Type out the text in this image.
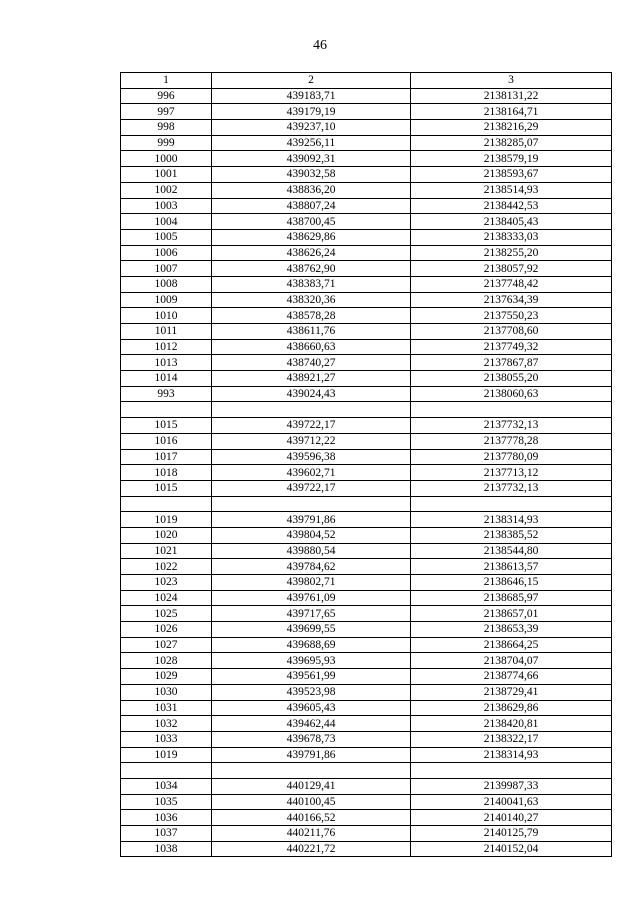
46
1	2	3
996	439183,71	2138131,22
997	439179,19	2138164,71
998	439237,10	2138216,29
999	439256,11	2138285,07
1000	439092,31	2138579,19
1001	439032,58	2138593,67
1002	438836,20	2138514,93
1003	438807,24	2138442,53
1004	438700,45	2138405,43
1005	438629,86	2138333,03
1006	438626,24	2138255,20
1007	438762,90	2138057,92
1008	438383,71	2137748,42
1009	438320,36	2137634,39
1010	438578,28	2137550,23
1011	438611,76	2137708,60
1012	438660,63	2137749,32
1013	438740,27	2137867,87
1014	438921,27	2138055,20
993	439024,43	2138060,63

1015	439722,17	2137732,13
1016	439712,22	2137778,28
1017	439596,38	2137780,09
1018	439602,71	2137713,12
1015	439722,17	2137732,13

1019	439791,86	2138314,93
1020	439804,52	2138385,52
1021	439880,54	2138544,80
1022	439784,62	2138613,57
1023	439802,71	2138646,15
1024	439761,09	2138685,97
1025	439717,65	2138657,01
1026	439699,55	2138653,39
1027	439688,69	2138664,25
1028	439695,93	2138704,07
1029	439561,99	2138774,66
1030	439523,98	2138729,41
1031	439605,43	2138629,86
1032	439462,44	2138420,81
1033	439678,73	2138322,17
1019	439791,86	2138314,93

1034	440129,41	2139987,33
1035	440100,45	2140041,63
1036	440166,52	2140140,27
1037	440211,76	2140125,79
1038	440221,72	2140152,04
